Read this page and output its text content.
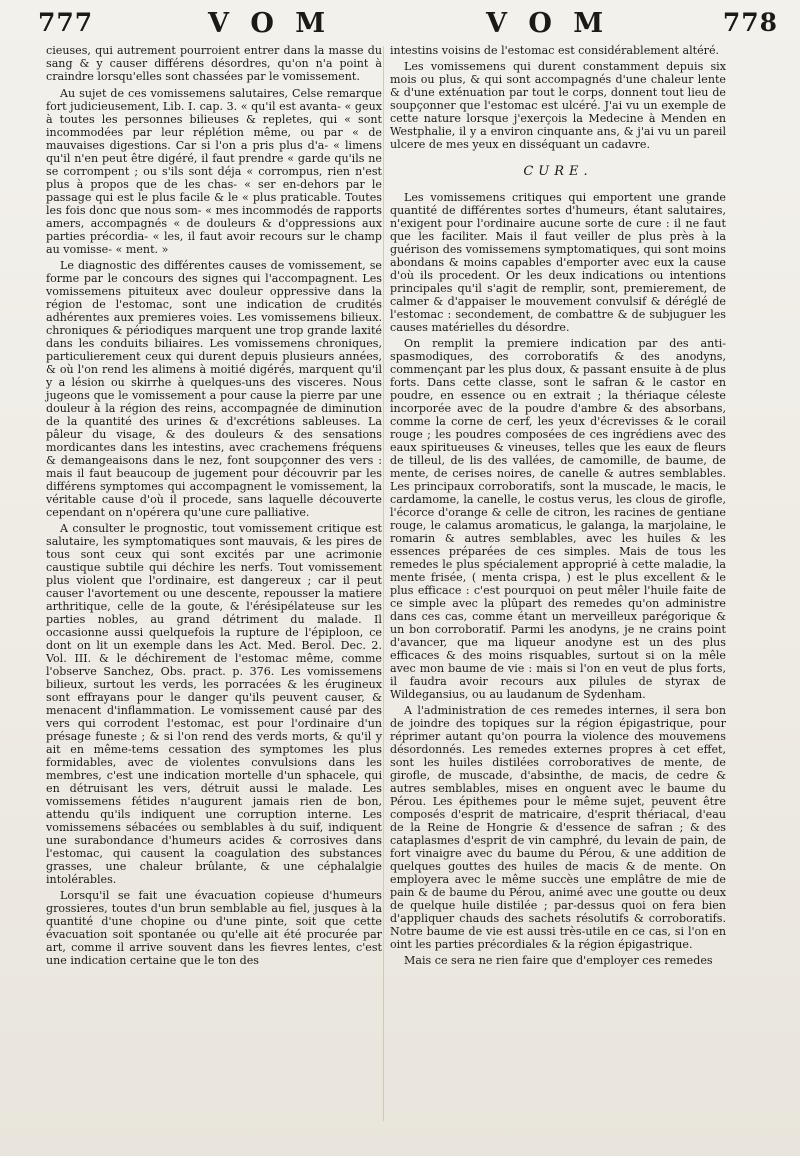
777	V O M	V O M	778

cieuses, qui autrement pourroient entrer dans la masse du sang & y causer différens désordres, qu'on n'a point à craindre lorsqu'elles sont chassées par le vomissement.

Au sujet de ces vomissemens salutaires, Celse remarque fort judicieusement, Lib. I. cap. 3. « qu'il est avanta- « geux à toutes les personnes bilieuses & repletes, qui « sont incommodées par leur réplétion même, ou par « de mauvaises digestions. Car si l'on a pris plus d'a- « limens qu'il n'en peut être digéré, il faut prendre « garde qu'ils ne se corrompent ; ou s'ils sont déja « corrompus, rien n'est plus à propos que de les chas- « ser en-dehors par le passage qui est le plus facile & le « plus praticable. Toutes les fois donc que nous som- « mes incommodés de rapports amers, accompagnés « de douleurs & d'oppressions aux parties précordia- « les, il faut avoir recours sur le champ au vomisse- « ment. »

Le diagnostic des différentes causes de vomissement, se forme par le concours des signes qui l'accompagnent. Les vomissemens pituiteux avec douleur oppressive dans la région de l'estomac, sont une indication de crudités adhérentes aux premieres voies. Les vomissemens bilieux. chroniques & périodiques marquent une trop grande laxité dans les conduits biliaires. Les vomissemens chroniques, particulierement ceux qui durent depuis plusieurs années, & où l'on rend les alimens à moitié digérés, marquent qu'il y a lésion ou skirrhe à quelques-uns des visceres. Nous jugeons que le vomissement a pour cause la pierre par une douleur à la région des reins, accompagnée de diminution de la quantité des urines & d'excrétions sableuses. La pâleur du visage, & des douleurs & des sensations mordicantes dans les intestins, avec crachemens fréquens & demangeaisons dans le nez, font soupçonner des vers : mais il faut beaucoup de jugement pour découvrir par les différens symptomes qui accompagnent le vomissement, la véritable cause d'où il procede, sans laquelle découverte cependant on n'opérera qu'une cure palliative.

A consulter le prognostic, tout vomissement critique est salutaire, les symptomatiques sont mauvais, & les pires de tous sont ceux qui sont excités par une acrimonie caustique subtile qui déchire les nerfs. Tout vomissement plus violent que l'ordinaire, est dangereux ; car il peut causer l'avortement ou une descente, repousser la matiere arthritique, celle de la goute, & l'érésipélateuse sur les parties nobles, au grand détriment du malade. Il occasionne aussi quelquefois la rupture de l'épiploon, ce dont on lit un exemple dans les Act. Med. Berol. Dec. 2. Vol. III. & le déchirement de l'estomac même, comme l'observe Sanchez, Obs. pract. p. 376. Les vomissemens bilieux, surtout les verds, les porracées & les érugineux sont effrayans pour le danger qu'ils peuvent causer, & menacent d'inflammation. Le vomissement causé par des vers qui corrodent l'estomac, est pour l'ordinaire d'un présage funeste ; & si l'on rend des verds morts, & qu'il y ait en même-tems cessation des symptomes les plus formidables, avec de violentes convulsions dans les membres, c'est une indication mortelle d'un sphacele, qui en détruisant les vers, détruit aussi le malade. Les vomissemens fétides n'augurent jamais rien de bon, attendu qu'ils indiquent une corruption interne. Les vomissemens sébacées ou semblables à du suif, indiquent une surabondance d'humeurs acides & corrosives dans l'estomac, qui causent la coagulation des substances grasses, une chaleur brûlante, & une céphalalgie intolérables.

Lorsqu'il se fait une évacuation copieuse d'humeurs grossieres, toutes d'un brun semblable au fiel, jusques à la quantité d'une chopine ou d'une pinte, soit que cette évacuation soit spontanée ou qu'elle ait été procurée par art, comme il arrive souvent dans les fievres lentes, c'est une indication certaine que le ton des

intestins voisins de l'estomac est considérablement altéré.

Les vomissemens qui durent constamment depuis six mois ou plus, & qui sont accompagnés d'une chaleur lente & d'une exténuation par tout le corps, donnent tout lieu de soupçonner que l'estomac est ulcéré. J'ai vu un exemple de cette nature lorsque j'exerçois la Medecine à Menden en Westphalie, il y a environ cinquante ans, & j'ai vu un pareil ulcere de mes yeux en disséquant un cadavre.

CURE.

Les vomissemens critiques qui emportent une grande quantité de différentes sortes d'humeurs, étant salutaires, n'exigent pour l'ordinaire aucune sorte de cure : il ne faut que les faciliter. Mais il faut veiller de plus près à la guérison des vomissemens symptomatiques, qui sont moins abondans & moins capables d'emporter avec eux la cause d'où ils procedent. Or les deux indications ou intentions principales qu'il s'agit de remplir, sont, premierement, de calmer & d'appaiser le mouvement convulsif & déréglé de l'estomac : secondement, de combattre & de subjuguer les causes matérielles du désordre.

On remplit la premiere indication par des anti-spasmodiques, des corroboratifs & des anodyns, commençant par les plus doux, & passant ensuite à de plus forts. Dans cette classe, sont le safran & le castor en poudre, en essence ou en extrait ; la thériaque céleste incorporée avec de la poudre d'ambre & des absorbans, comme la corne de cerf, les yeux d'écrevisses & le corail rouge ; les poudres composées de ces ingrédiens avec des eaux spiritueuses & vineuses, telles que les eaux de fleurs de tilleul, de lis des vallées, de camomille, de baume, de mente, de cerises noires, de canelle & autres semblables. Les principaux corroboratifs, sont la muscade, le macis, le cardamome, la canelle, le costus verus, les clous de girofle, l'écorce d'orange & celle de citron, les racines de gentiane rouge, le calamus aromaticus, le galanga, la marjolaine, le romarin & autres semblables, avec les huiles & les essences préparées de ces simples. Mais de tous les remedes le plus spécialement approprié à cette maladie, la mente frisée, ( menta crispa, ) est le plus excellent & le plus efficace : c'est pourquoi on peut mêler l'huile faite de ce simple avec la plûpart des remedes qu'on administre dans ces cas, comme étant un merveilleux parégorique & un bon corroboratif. Parmi les anodyns, je ne crains point d'avancer, que ma liqueur anodyne est un des plus efficaces & des moins risquables, surtout si on la mêle avec mon baume de vie : mais si l'on en veut de plus forts, il faudra avoir recours aux pilules de styrax de Wildegansius, ou au laudanum de Sydenham.

A l'administration de ces remedes internes, il sera bon de joindre des topiques sur la région épigastrique, pour réprimer autant qu'on pourra la violence des mouvemens désordonnés. Les remedes externes propres à cet effet, sont les huiles distilées corroboratives de mente, de girofle, de muscade, d'absinthe, de macis, de cedre & autres semblables, mises en onguent avec le baume du Pérou. Les épithemes pour le même sujet, peuvent être composés d'esprit de matricaire, d'esprit thériacal, d'eau de la Reine de Hongrie & d'essence de safran ; & des cataplasmes d'esprit de vin camphré, du levain de pain, de fort vinaigre avec du baume du Pérou, & une addition de quelques gouttes des huiles de macis & de mente. On employera avec le même succès une emplâtre de mie de pain & de baume du Pérou, animé avec une goutte ou deux de quelque huile distilée ; par-dessus quoi on fera bien d'appliquer chauds des sachets résolutifs & corroboratifs. Notre baume de vie est aussi très-utile en ce cas, si l'on en oint les parties précordiales & la région épigastrique.

Mais ce sera ne rien faire que d'employer ces remedes
